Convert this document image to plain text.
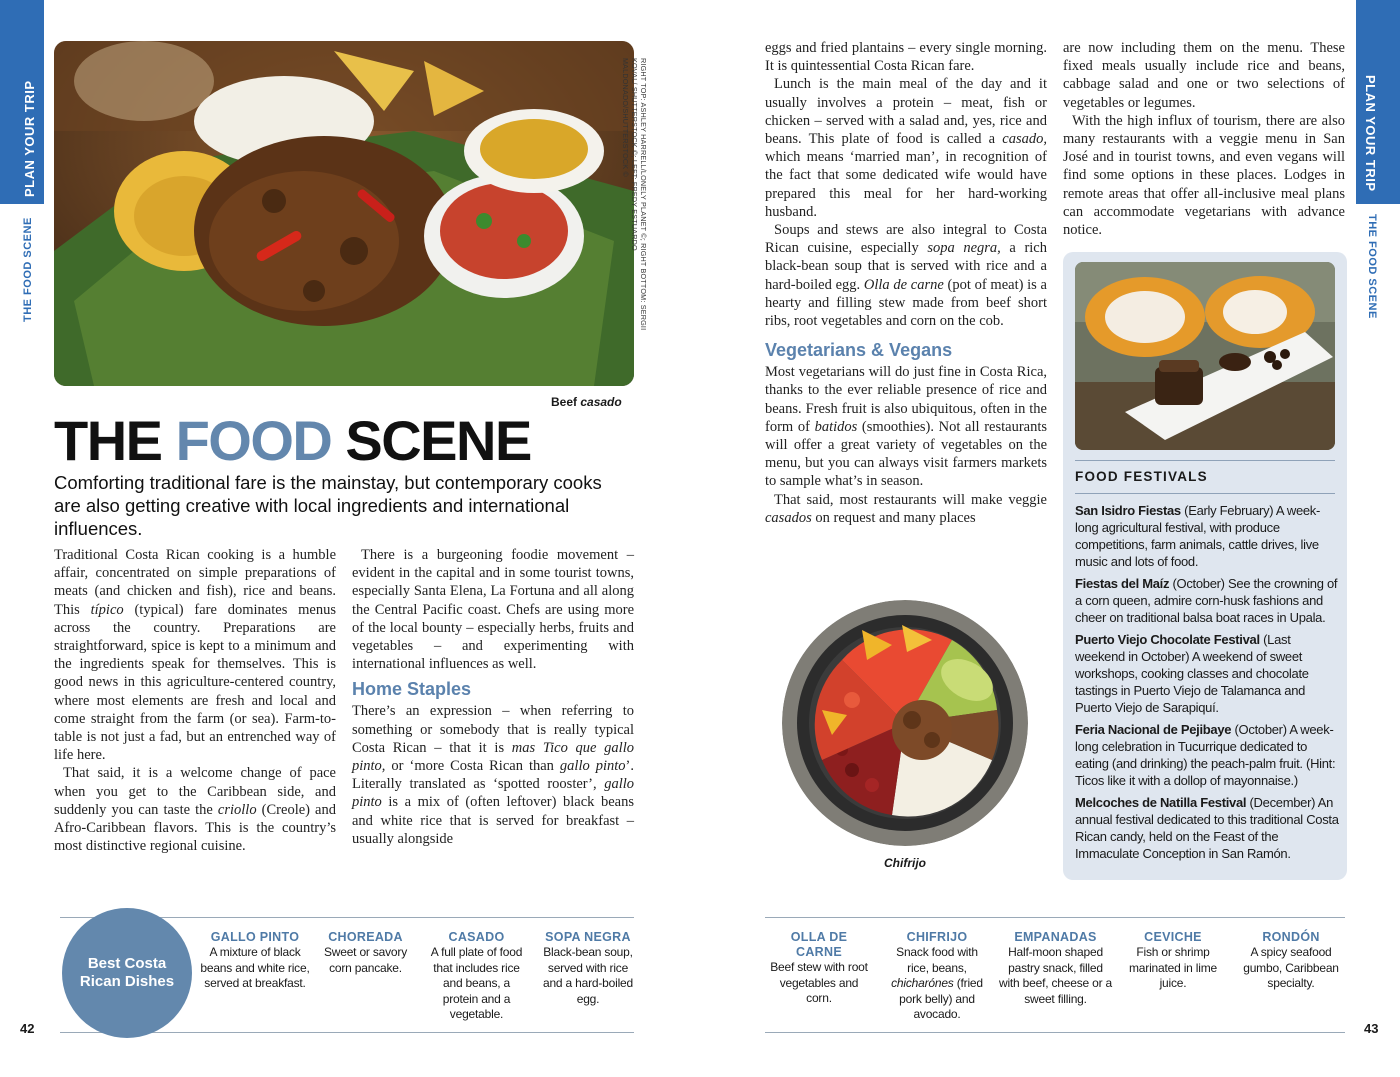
PLAN YOUR TRIP
THE FOOD SCENE
PLAN YOUR TRIP
THE FOOD SCENE
RIGHT TOP: ASHLEY HARRELL/LONELY PLANET ©; RIGHT BOTTOM: SERGII KOVAL/ SHUTTERSTOCK ©; LEFT: FREDY ESTUARDO MALDONADO/SHUTTERSTOCK ©
Beef casado
THE FOOD SCENE
Comforting traditional fare is the mainstay, but contemporary cooks are also getting creative with local ingredients and international influences.

Traditional Costa Rican cooking is a humble affair, concentrated on simple preparations of meats (and chicken and fish), rice and beans. This típico (typical) fare dominates menus across the country. Preparations are straightforward, spice is kept to a minimum and the ingredients speak for themselves. This is good news in this agriculture-centered country, where most elements are fresh and local and come straight from the farm (or sea). Farm-to-table is not just a fad, but an entrenched way of life here.

That said, it is a welcome change of pace when you get to the Caribbean side, and suddenly you can taste the criollo (Creole) and Afro-Caribbean flavors. This is the country’s most distinctive regional cuisine.

There is a burgeoning foodie movement – evident in the capital and in some tourist towns, especially Santa Elena, La Fortuna and all along the Central Pacific coast. Chefs are using more of the local bounty – especially herbs, fruits and vegetables – and experimenting with international influences as well.

Home Staples

There’s an expression – when referring to something or somebody that is really typical Costa Rican – that it is mas Tico que gallo pinto, or ‘more Costa Rican than gallo pinto’. Literally translated as ‘spotted rooster’, gallo pinto is a mix of (often leftover) black beans and white rice that is served for breakfast – usually alongside

eggs and fried plantains – every single morning. It is quintessential Costa Rican fare.

Lunch is the main meal of the day and it usually involves a protein – meat, fish or chicken – served with a salad and, yes, rice and beans. This plate of food is called a casado, which means ‘married man’, in recognition of the fact that some dedicated wife would have prepared this meal for her hard-working husband.

Soups and stews are also integral to Costa Rican cuisine, especially sopa negra, a rich black-bean soup that is served with rice and a hard-boiled egg. Olla de carne (pot of meat) is a hearty and filling stew made from beef short ribs, root vegetables and corn on the cob.

Vegetarians & Vegans

Most vegetarians will do just fine in Costa Rica, thanks to the ever reliable presence of rice and beans. Fresh fruit is also ubiquitous, often in the form of batidos (smoothies). Not all restaurants will offer a great variety of vegetables on the menu, but you can always visit farmers markets to sample what’s in season.

That said, most restaurants will make veggie casados on request and many places

are now including them on the menu. These fixed meals usually include rice and beans, cabbage salad and one or two selections of vegetables or legumes.

With the high influx of tourism, there are also many restaurants with a veggie menu in San José and in tourist towns, and even vegans will find some options in these places. Lodges in remote areas that offer all-inclusive meal plans can accommodate vegetarians with advance notice.

Chifrijo
FOOD FESTIVALS
San Isidro Fiestas (Early February) A week-long agricultural festival, with produce competitions, farm animals, cattle drives, live music and lots of food.
Fiestas del Maíz (October) See the crowning of a corn queen, admire corn-husk fashions and cheer on traditional balsa boat races in Upala.
Puerto Viejo Chocolate Festival (Last weekend in October) A weekend of sweet workshops, cooking classes and chocolate tastings in Puerto Viejo de Talamanca and Puerto Viejo de Sarapiquí.
Feria Nacional de Pejibaye (October) A week-long celebration in Tucurrique dedicated to eating (and drinking) the peach-palm fruit. (Hint: Ticos like it with a dollop of mayonnaise.)
Melcoches de Natilla Festival (December) An annual festival dedicated to this traditional Costa Rican candy, held on the Feast of the Immaculate Conception in San Ramón.
Best Costa Rican Dishes
GALLO PINTO
A mixture of black beans and white rice, served at breakfast.
CHOREADA
Sweet or savory corn pancake.
CASADO
A full plate of food that includes rice and beans, a protein and a vegetable.
SOPA NEGRA
Black-bean soup, served with rice and a hard-boiled egg.
OLLA DE CARNE
Beef stew with root vegetables and corn.
CHIFRIJO
Snack food with rice, beans, chicharónes (fried pork belly) and avocado.
EMPANADAS
Half-moon shaped pastry snack, filled with beef, cheese or a sweet filling.
CEVICHE
Fish or shrimp marinated in lime juice.
RONDÓN
A spicy seafood gumbo, Caribbean specialty.
42	43
